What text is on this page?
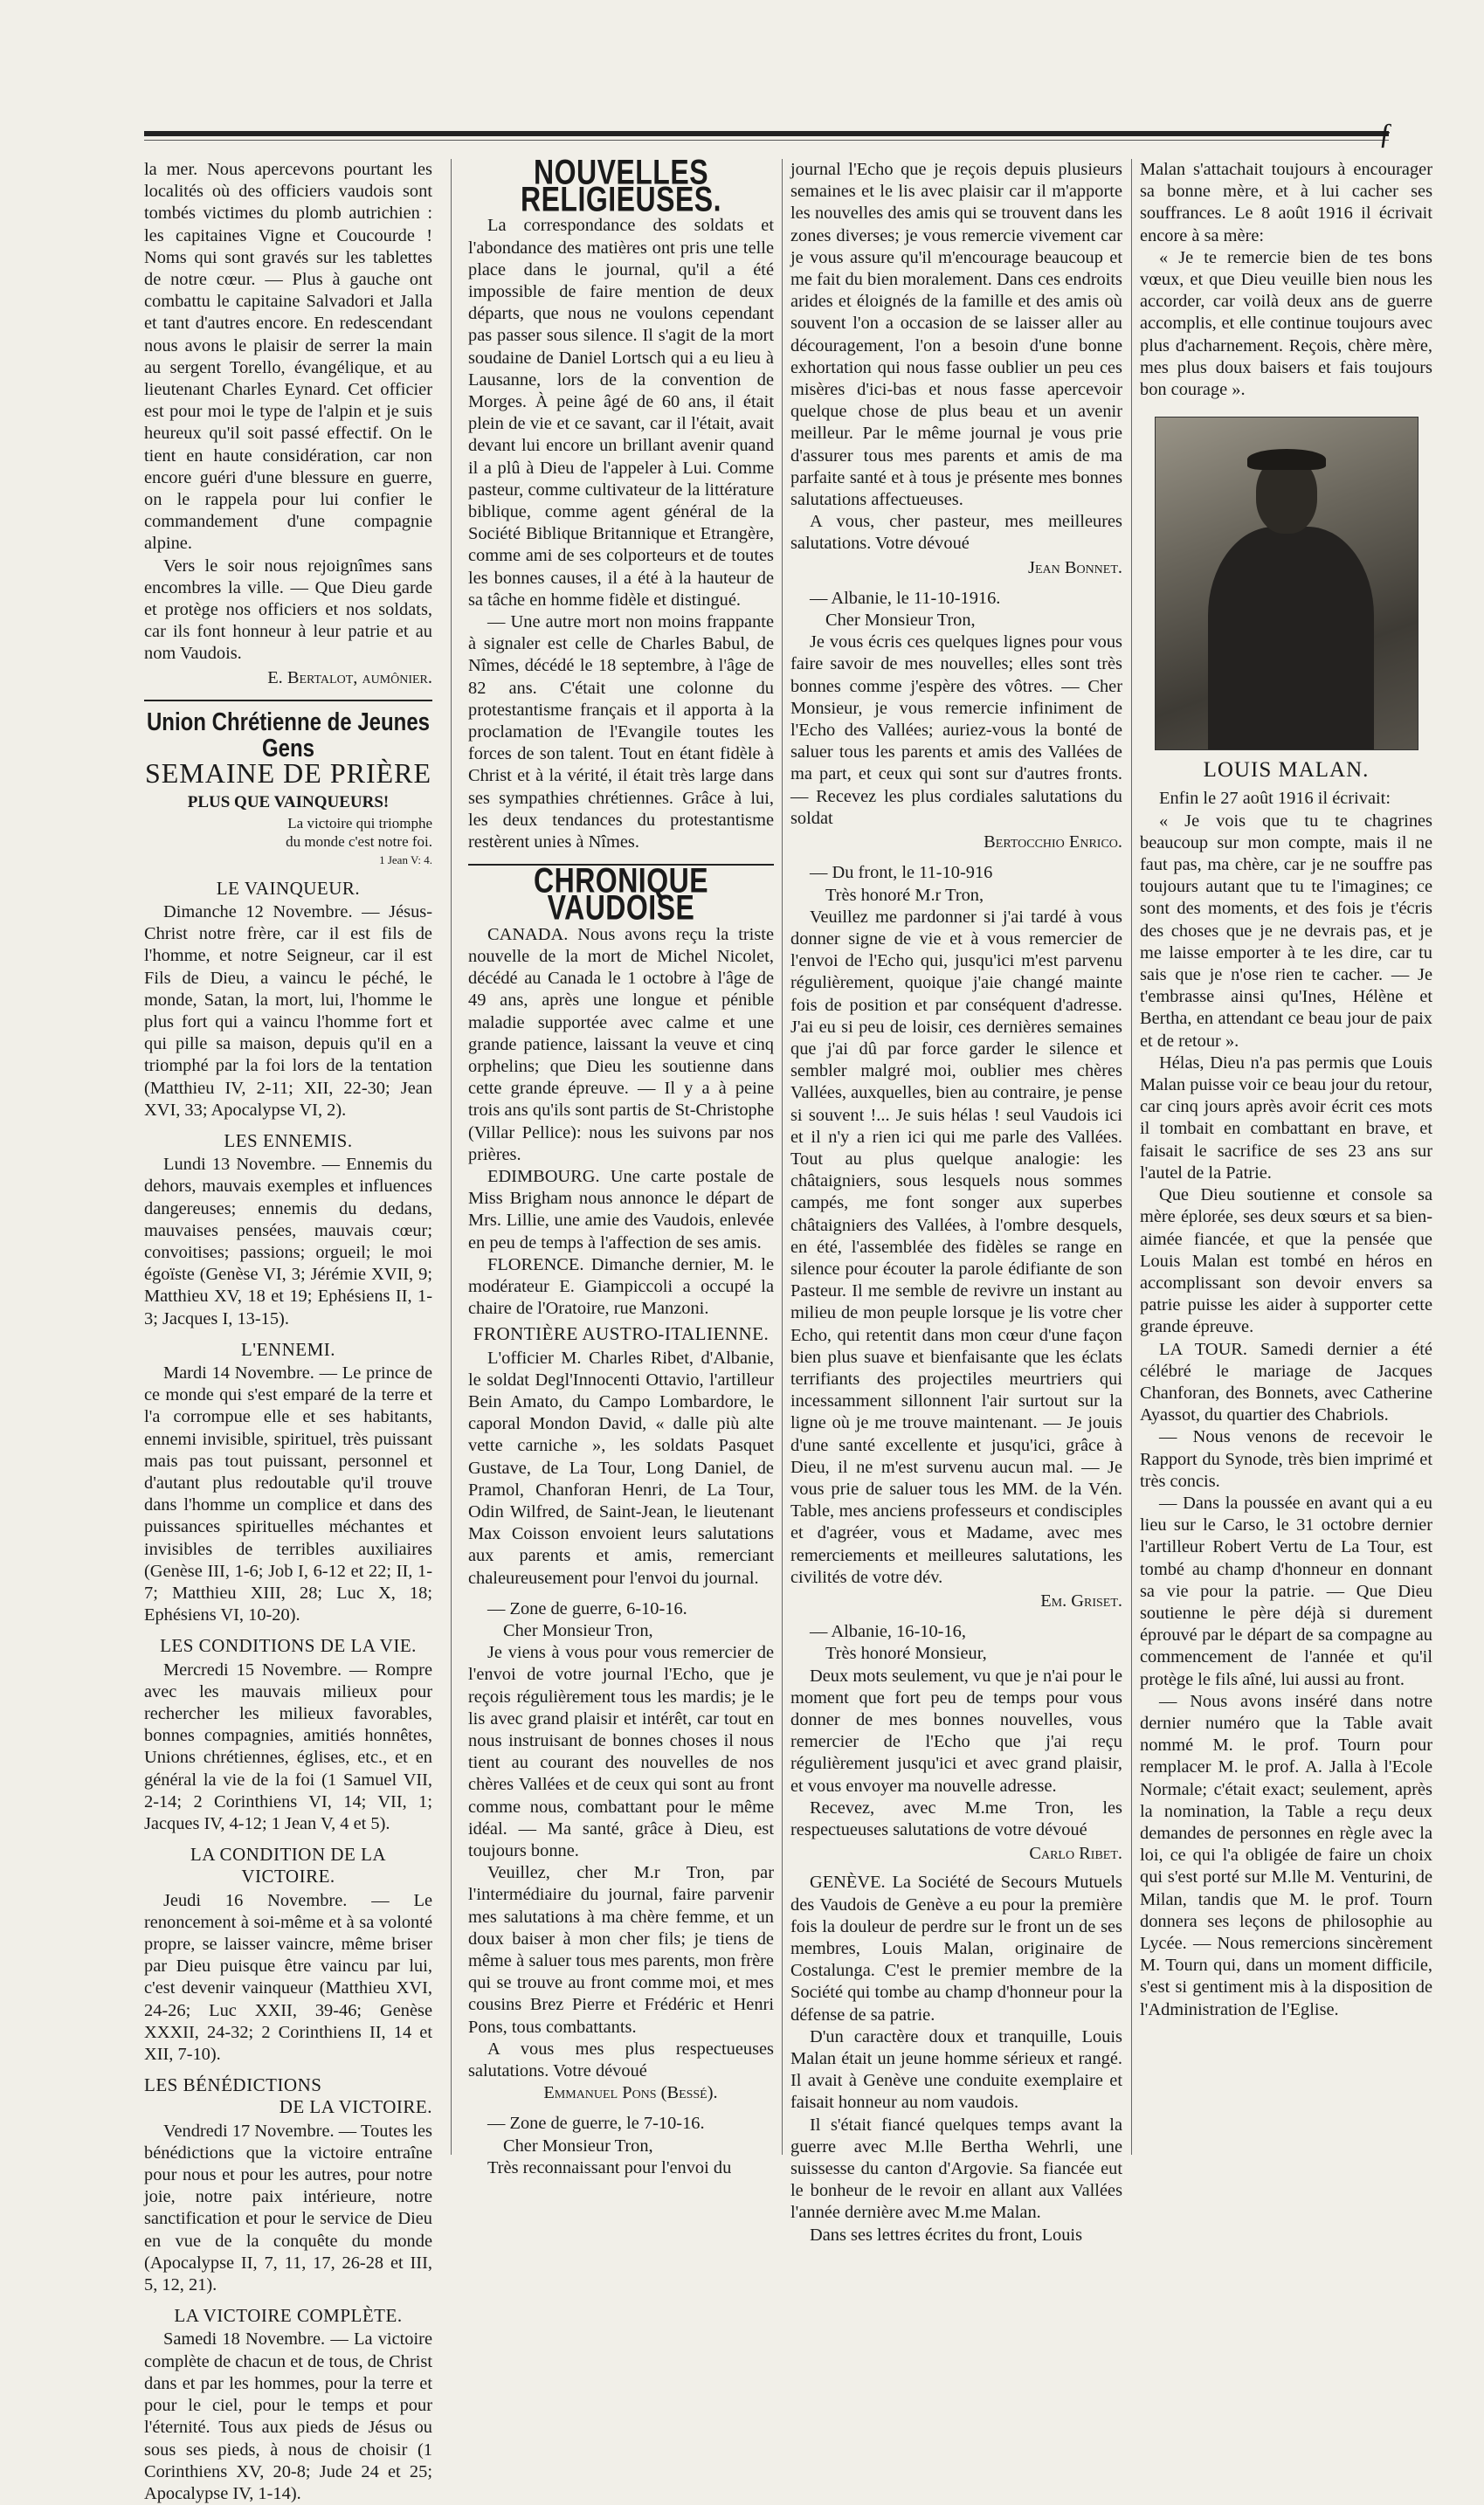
ƒ

la mer. Nous apercevons pourtant les localités où des officiers vaudois sont tombés victimes du plomb autrichien : les capitaines Vigne et Coucourde ! Noms qui sont gravés sur les tablettes de notre cœur. — Plus à gauche ont combattu le capitaine Salvadori et Jalla et tant d'autres encore. En redescendant nous avons le plaisir de serrer la main au sergent Torello, évangélique, et au lieutenant Charles Eynard. Cet officier est pour moi le type de l'alpin et je suis heureux qu'il soit passé effectif. On le tient en haute considération, car non encore guéri d'une blessure en guerre, on le rappela pour lui confier le commandement d'une compagnie alpine.

Vers le soir nous rejoignîmes sans encombres la ville. — Que Dieu garde et protège nos officiers et nos soldats, car ils font honneur à leur patrie et au nom Vaudois.

E. Bertalot, aumônier.

Union Chrétienne de Jeunes Gens
SEMAINE DE PRIÈRE
PLUS QUE VAINQUEURS!

La victoire qui triomphe

du monde c'est notre foi.

1 Jean V: 4.

LE VAINQUEUR.

Dimanche 12 Novembre. — Jésus-Christ notre frère, car il est fils de l'homme, et notre Seigneur, car il est Fils de Dieu, a vaincu le péché, le monde, Satan, la mort, lui, l'homme le plus fort qui a vaincu l'homme fort et qui pille sa maison, depuis qu'il en a triomphé par la foi lors de la tentation (Matthieu IV, 2-11; XII, 22-30; Jean XVI, 33; Apocalypse VI, 2).

LES ENNEMIS.

Lundi 13 Novembre. — Ennemis du dehors, mauvais exemples et influences dangereuses; ennemis du dedans, mauvaises pensées, mauvais cœur; convoitises; passions; orgueil; le moi égoïste (Genèse VI, 3; Jérémie XVII, 9; Matthieu XV, 18 et 19; Ephésiens II, 1-3; Jacques I, 13-15).

L'ENNEMI.

Mardi 14 Novembre. — Le prince de ce monde qui s'est emparé de la terre et l'a corrompue elle et ses habitants, ennemi invisible, spirituel, très puissant mais pas tout puissant, personnel et d'autant plus redoutable qu'il trouve dans l'homme un complice et dans des puissances spirituelles méchantes et invisibles de terribles auxiliaires (Genèse III, 1-6; Job I, 6-12 et 22; II, 1-7; Matthieu XIII, 28; Luc X, 18; Ephésiens VI, 10-20).

LES CONDITIONS DE LA VIE.

Mercredi 15 Novembre. — Rompre avec les mauvais milieux pour rechercher les milieux favorables, bonnes compagnies, amitiés honnêtes, Unions chrétiennes, églises, etc., et en général la vie de la foi (1 Samuel VII, 2-14; 2 Corinthiens VI, 14; VII, 1; Jacques IV, 4-12; 1 Jean V, 4 et 5).

LA CONDITION DE LA VICTOIRE.

Jeudi 16 Novembre. — Le renoncement à soi-même et à sa volonté propre, se laisser vaincre, même briser par Dieu puisque être vaincu par lui, c'est devenir vainqueur (Matthieu XVI, 24-26; Luc XXII, 39-46; Genèse XXXII, 24-32; 2 Corinthiens II, 14 et XII, 7-10).

LES BÉNÉDICTIONS
DE LA VICTOIRE.

Vendredi 17 Novembre. — Toutes les bénédictions que la victoire entraîne pour nous et pour les autres, pour notre joie, notre paix intérieure, notre sanctification et pour le service de Dieu en vue de la conquête du monde (Apocalypse II, 7, 11, 17, 26-28 et III, 5, 12, 21).

LA VICTOIRE COMPLÈTE.

Samedi 18 Novembre. — La victoire complète de chacun et de tous, de Christ dans et par les hommes, pour la terre et pour le ciel, pour le temps et pour l'éternité. Tous aux pieds de Jésus ou sous ses pieds, à nous de choisir (1 Corinthiens XV, 20-8; Jude 24 et 25; Apocalypse IV, 1-14).

NOUVELLES RELIGIEUSES.

La correspondance des soldats et l'abondance des matières ont pris une telle place dans le journal, qu'il a été impossible de faire mention de deux départs, que nous ne voulons cependant pas passer sous silence. Il s'agit de la mort soudaine de Daniel Lortsch qui a eu lieu à Lausanne, lors de la convention de Morges. À peine âgé de 60 ans, il était plein de vie et ce savant, car il l'était, avait devant lui encore un brillant avenir quand il a plû à Dieu de l'appeler à Lui. Comme pasteur, comme cultivateur de la littérature biblique, comme agent général de la Société Biblique Britannique et Etrangère, comme ami de ses colporteurs et de toutes les bonnes causes, il a été à la hauteur de sa tâche en homme fidèle et distingué.

— Une autre mort non moins frappante à signaler est celle de Charles Babul, de Nîmes, décédé le 18 septembre, à l'âge de 82 ans. C'était une colonne du protestantisme français et il apporta à la proclamation de l'Evangile toutes les forces de son talent. Tout en étant fidèle à Christ et à la vérité, il était très large dans ses sympathies chrétiennes. Grâce à lui, les deux tendances du protestantisme restèrent unies à Nîmes.

CHRONIQUE VAUDOISE

CANADA. Nous avons reçu la triste nouvelle de la mort de Michel Nicolet, décédé au Canada le 1 octobre à l'âge de 49 ans, après une longue et pénible maladie supportée avec calme et une grande patience, laissant la veuve et cinq orphelins; que Dieu les soutienne dans cette grande épreuve. — Il y a à peine trois ans qu'ils sont partis de St-Christophe (Villar Pellice): nous les suivons par nos prières.

EDIMBOURG. Une carte postale de Miss Brigham nous annonce le départ de Mrs. Lillie, une amie des Vaudois, enlevée en peu de temps à l'affection de ses amis.

FLORENCE. Dimanche dernier, M. le modérateur E. Giampiccoli a occupé la chaire de l'Oratoire, rue Manzoni.

FRONTIÈRE AUSTRO-ITALIENNE.

L'officier M. Charles Ribet, d'Albanie, le soldat Degl'Innocenti Ottavio, l'artilleur Bein Amato, du Campo Lombardore, le caporal Mondon David, « dalle più alte vette carniche », les soldats Pasquet Gustave, de La Tour, Long Daniel, de Pramol, Chanforan Henri, de La Tour, Odin Wilfred, de Saint-Jean, le lieutenant Max Coisson envoient leurs salutations aux parents et amis, remerciant chaleureusement pour l'envoi du journal.

— Zone de guerre, 6-10-16.

Cher Monsieur Tron,

Je viens à vous pour vous remercier de l'envoi de votre journal l'Echo, que je reçois régulièrement tous les mardis; je le lis avec grand plaisir et intérêt, car tout en nous instruisant de bonnes choses il nous tient au courant des nouvelles de nos chères Vallées et de ceux qui sont au front comme nous, combattant pour le même idéal. — Ma santé, grâce à Dieu, est toujours bonne.

Veuillez, cher M.r Tron, par l'intermédiaire du journal, faire parvenir mes salutations à ma chère femme, et un doux baiser à mon cher fils; je tiens de même à saluer tous mes parents, mon frère qui se trouve au front comme moi, et mes cousins Brez Pierre et Frédéric et Henri Pons, tous combattants.

A vous mes plus respectueuses salutations. Votre dévoué

Emmanuel Pons (Bessé).

— Zone de guerre, le 7-10-16.

Cher Monsieur Tron,

Très reconnaissant pour l'envoi du

journal l'Echo que je reçois depuis plusieurs semaines et le lis avec plaisir car il m'apporte les nouvelles des amis qui se trouvent dans les zones diverses; je vous remercie vivement car je vous assure qu'il m'encourage beaucoup et me fait du bien moralement. Dans ces endroits arides et éloignés de la famille et des amis où souvent l'on a occasion de se laisser aller au découragement, l'on a besoin d'une bonne exhortation qui nous fasse oublier un peu ces misères d'ici-bas et nous fasse apercevoir quelque chose de plus beau et un avenir meilleur. Par le même journal je vous prie d'assurer tous mes parents et amis de ma parfaite santé et à tous je présente mes bonnes salutations affectueuses.

A vous, cher pasteur, mes meilleures salutations. Votre dévoué

Jean Bonnet.

— Albanie, le 11-10-1916.

Cher Monsieur Tron,

Je vous écris ces quelques lignes pour vous faire savoir de mes nouvelles; elles sont très bonnes comme j'espère des vôtres. — Cher Monsieur, je vous remercie infiniment de l'Echo des Vallées; auriez-vous la bonté de saluer tous les parents et amis des Vallées de ma part, et ceux qui sont sur d'autres fronts. — Recevez les plus cordiales salutations du soldat

Bertocchio Enrico.

— Du front, le 11-10-916

Très honoré M.r Tron,

Veuillez me pardonner si j'ai tardé à vous donner signe de vie et à vous remercier de l'envoi de l'Echo qui, jusqu'ici m'est parvenu régulièrement, quoique j'aie changé mainte fois de position et par conséquent d'adresse. J'ai eu si peu de loisir, ces dernières semaines que j'ai dû par force garder le silence et sembler malgré moi, oublier mes chères Vallées, auxquelles, bien au contraire, je pense si souvent !... Je suis hélas ! seul Vaudois ici et il n'y a rien ici qui me parle des Vallées. Tout au plus quelque analogie: les châtaigniers, sous lesquels nous sommes campés, me font songer aux superbes châtaigniers des Vallées, à l'ombre desquels, en été, l'assemblée des fidèles se range en silence pour écouter la parole édifiante de son Pasteur. Il me semble de revivre un instant au milieu de mon peuple lorsque je lis votre cher Echo, qui retentit dans mon cœur d'une façon bien plus suave et bienfaisante que les éclats terrifiants des projectiles meurtriers qui incessamment sillonnent l'air surtout sur la ligne où je me trouve maintenant. — Je jouis d'une santé excellente et jusqu'ici, grâce à Dieu, il ne m'est survenu aucun mal. — Je vous prie de saluer tous les MM. de la Vén. Table, mes anciens professeurs et condisciples et d'agréer, vous et Madame, avec mes remerciements et meilleures salutations, les civilités de votre dév.

Em. Griset.

— Albanie, 16-10-16,

Très honoré Monsieur,

Deux mots seulement, vu que je n'ai pour le moment que fort peu de temps pour vous donner de mes bonnes nouvelles, vous remercier de l'Echo que j'ai reçu régulièrement jusqu'ici et avec grand plaisir, et vous envoyer ma nouvelle adresse.

Recevez, avec M.me Tron, les respectueuses salutations de votre dévoué

Carlo Ribet.

GENÈVE. La Société de Secours Mutuels des Vaudois de Genève a eu pour la première fois la douleur de perdre sur le front un de ses membres, Louis Malan, originaire de Costalunga. C'est le premier membre de la Société qui tombe au champ d'honneur pour la défense de sa patrie.

D'un caractère doux et tranquille, Louis Malan était un jeune homme sérieux et rangé. Il avait à Genève une conduite exemplaire et faisait honneur au nom vaudois.

Il s'était fiancé quelques temps avant la guerre avec M.lle Bertha Wehrli, une suissesse du canton d'Argovie. Sa fiancée eut le bonheur de le revoir en allant aux Vallées l'année dernière avec M.me Malan.

Dans ses lettres écrites du front, Louis

Malan s'attachait toujours à encourager sa bonne mère, et à lui cacher ses souffrances. Le 8 août 1916 il écrivait encore à sa mère:

« Je te remercie bien de tes bons vœux, et que Dieu veuille bien nous les accorder, car voilà deux ans de guerre accomplis, et elle continue toujours avec plus d'acharnement. Reçois, chère mère, mes plus doux baisers et fais toujours bon courage ».

LOUIS MALAN.

Enfin le 27 août 1916 il écrivait:

« Je vois que tu te chagrines beaucoup sur mon compte, mais il ne faut pas, ma chère, car je ne souffre pas toujours autant que tu te l'imagines; ce sont des moments, et des fois je t'écris des choses que je ne devrais pas, et je me laisse emporter à te les dire, car tu sais que je n'ose rien te cacher. — Je t'embrasse ainsi qu'Ines, Hélène et Bertha, en attendant ce beau jour de paix et de retour ».

Hélas, Dieu n'a pas permis que Louis Malan puisse voir ce beau jour du retour, car cinq jours après avoir écrit ces mots il tombait en combattant en brave, et faisait le sacrifice de ses 23 ans sur l'autel de la Patrie.

Que Dieu soutienne et console sa mère éplorée, ses deux sœurs et sa bien-aimée fiancée, et que la pensée que Louis Malan est tombé en héros en accomplissant son devoir envers sa patrie puisse les aider à supporter cette grande épreuve.

LA TOUR. Samedi dernier a été célébré le mariage de Jacques Chanforan, des Bonnets, avec Catherine Ayassot, du quartier des Chabriols.

— Nous venons de recevoir le Rapport du Synode, très bien imprimé et très concis.

— Dans la poussée en avant qui a eu lieu sur le Carso, le 31 octobre dernier l'artilleur Robert Vertu de La Tour, est tombé au champ d'honneur en donnant sa vie pour la patrie. — Que Dieu soutienne le père déjà si durement éprouvé par le départ de sa compagne au commencement de l'année et qu'il protège le fils aîné, lui aussi au front.

— Nous avons inséré dans notre dernier numéro que la Table avait nommé M. le prof. Tourn pour remplacer M. le prof. A. Jalla à l'Ecole Normale; c'était exact; seulement, après la nomination, la Table a reçu deux demandes de personnes en règle avec la loi, ce qui l'a obligée de faire un choix qui s'est porté sur M.lle M. Venturini, de Milan, tandis que M. le prof. Tourn donnera ses leçons de philosophie au Lycée. — Nous remercions sincèrement M. Tourn qui, dans un moment difficile, s'est si gentiment mis à la disposition de l'Administration de l'Eglise.
